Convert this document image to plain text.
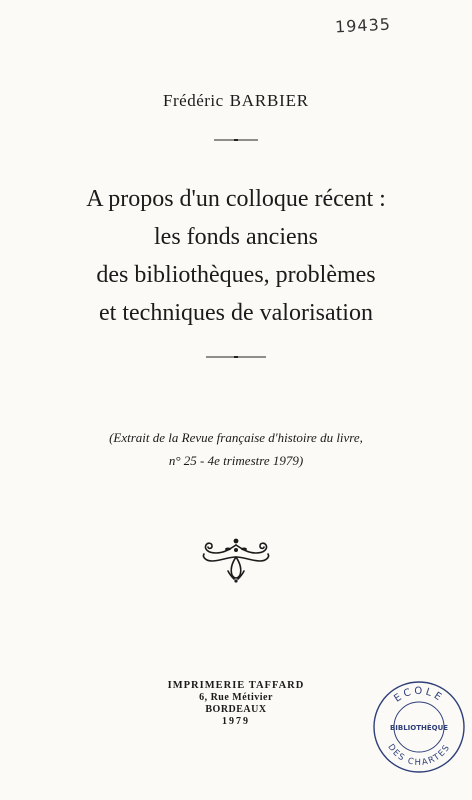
19435
Frédéric BARBIER
A propos d'un colloque récent :
les fonds anciens
des bibliothèques, problèmes
et techniques de valorisation
(Extrait de la Revue française d'histoire du livre,
n° 25 - 4e trimestre 1979)
IMPRIMERIE TAFFARD
6, Rue Métivier
BORDEAUX
1979
ECOLE
BIBLIOTHÈQUE
DES CHARTES
